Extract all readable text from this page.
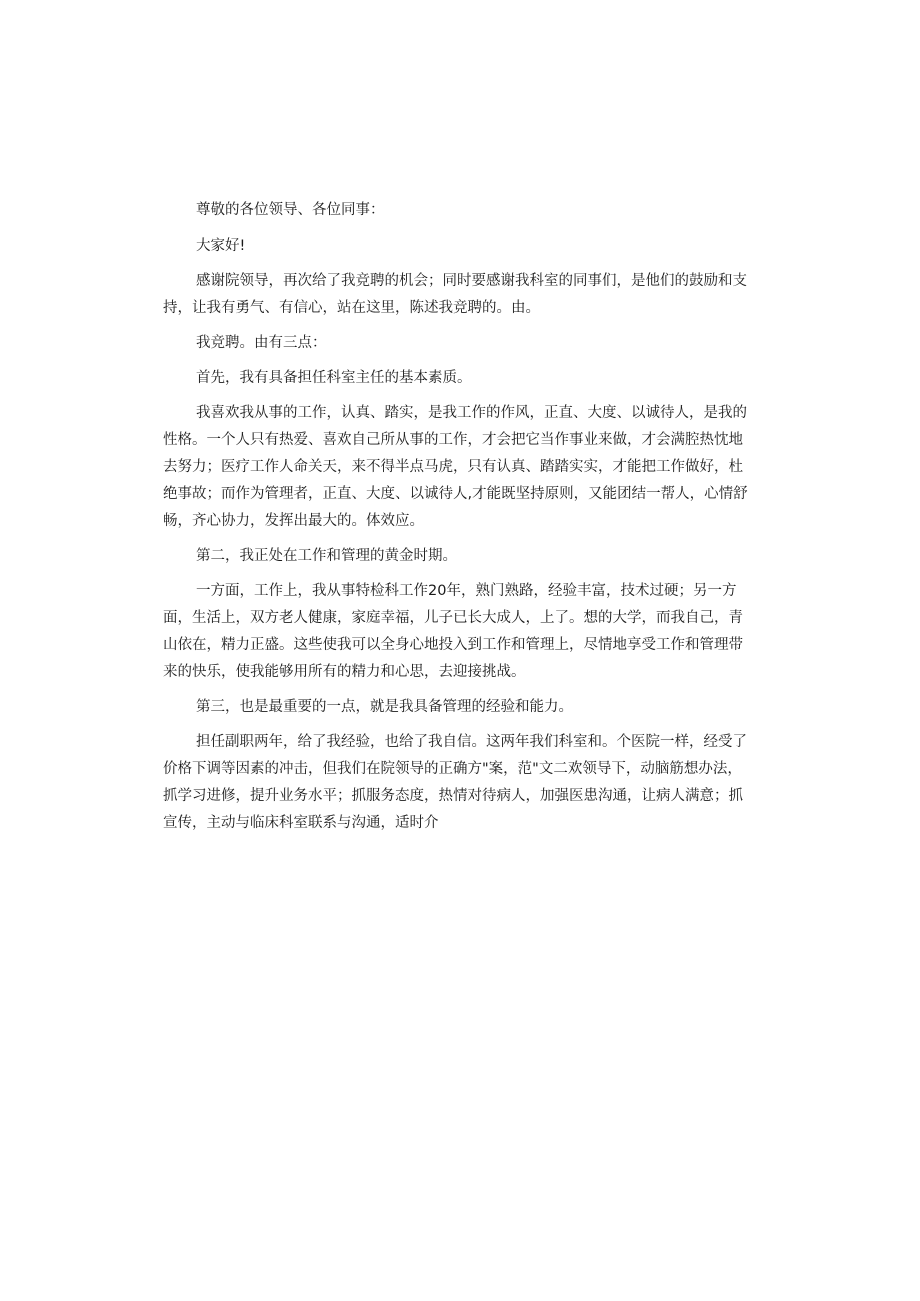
尊敬的各位领导、各位同事：

大家好!

感谢院领导，再次给了我竞聘的机会；同时要感谢我科室的同事们，是他们的鼓励和支持，让我有勇气、有信心，站在这里，陈述我竞聘的。由。

我竞聘。由有三点：

首先，我有具备担任科室主任的基本素质。

我喜欢我从事的工作，认真、踏实，是我工作的作风，正直、大度、以诚待人，是我的性格。一个人只有热爱、喜欢自己所从事的工作，才会把它当作事业来做，才会满腔热忱地去努力；医疗工作人命关天，来不得半点马虎，只有认真、踏踏实实，才能把工作做好，杜绝事故；而作为管理者，正直、大度、以诚待人,才能既坚持原则，又能团结一帮人，心情舒畅，齐心协力，发挥出最大的。体效应。

第二，我正处在工作和管理的黄金时期。

一方面，工作上，我从事特检科工作20年，熟门熟路，经验丰富，技术过硬；另一方面，生活上，双方老人健康，家庭幸福，儿子已长大成人，上了。想的大学，而我自己，青山依在，精力正盛。这些使我可以全身心地投入到工作和管理上，尽情地享受工作和管理带来的快乐，使我能够用所有的精力和心思，去迎接挑战。

第三，也是最重要的一点，就是我具备管理的经验和能力。

担任副职两年，给了我经验，也给了我自信。这两年我们科室和。个医院一样，经受了价格下调等因素的冲击，但我们在院领导的正确方"案，范"文二欢领导下，动脑筋想办法，抓学习进修，提升业务水平；抓服务态度，热情对待病人，加强医患沟通，让病人满意；抓宣传，主动与临床科室联系与沟通，适时介
